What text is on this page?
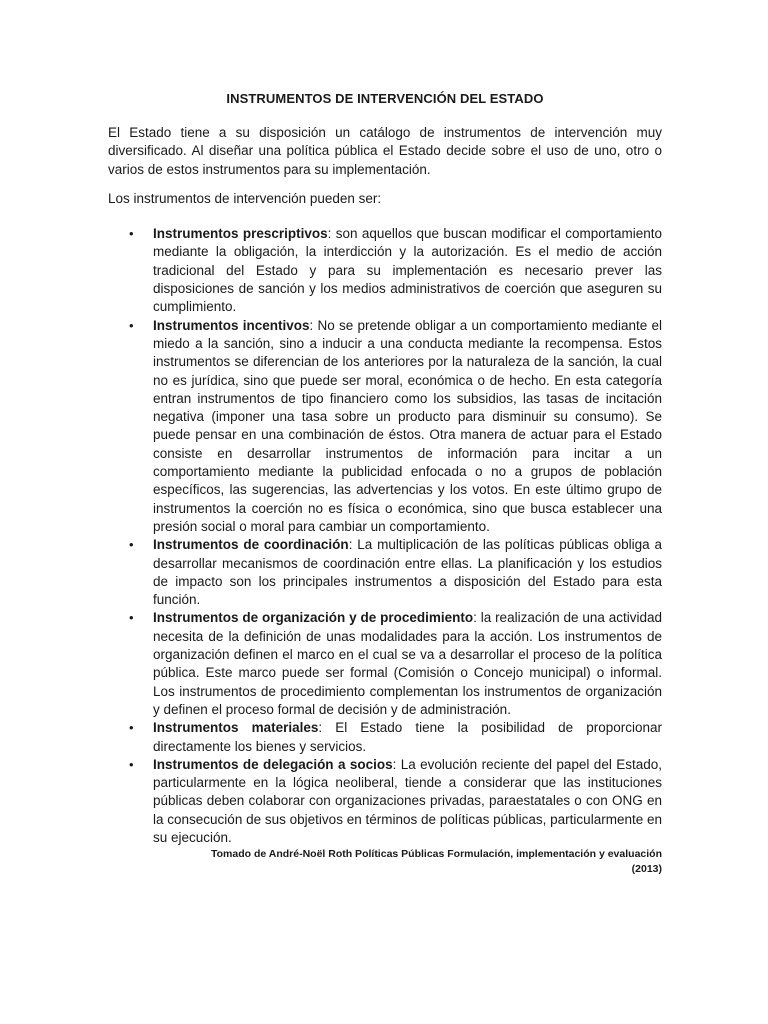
INSTRUMENTOS DE INTERVENCIÓN DEL ESTADO

El Estado tiene a su disposición un catálogo de instrumentos de intervención muy diversificado. Al diseñar una política pública el Estado decide sobre el uso de uno, otro o varios de estos instrumentos para su implementación.

Los instrumentos de intervención pueden ser:

• Instrumentos prescriptivos: son aquellos que buscan modificar el comportamiento mediante la obligación, la interdicción y la autorización. Es el medio de acción tradicional del Estado y para su implementación es necesario prever las disposiciones de sanción y los medios administrativos de coerción que aseguren su cumplimiento.
• Instrumentos incentivos: No se pretende obligar a un comportamiento mediante el miedo a la sanción, sino a inducir a una conducta mediante la recompensa. Estos instrumentos se diferencian de los anteriores por la naturaleza de la sanción, la cual no es jurídica, sino que puede ser moral, económica o de hecho. En esta categoría entran instrumentos de tipo financiero como los subsidios, las tasas de incitación negativa (imponer una tasa sobre un producto para disminuir su consumo). Se puede pensar en una combinación de éstos. Otra manera de actuar para el Estado consiste en desarrollar instrumentos de información para incitar a un comportamiento mediante la publicidad enfocada o no a grupos de población específicos, las sugerencias, las advertencias y los votos. En este último grupo de instrumentos la coerción no es física o económica, sino que busca establecer una presión social o moral para cambiar un comportamiento.
• Instrumentos de coordinación: La multiplicación de las políticas públicas obliga a desarrollar mecanismos de coordinación entre ellas. La planificación y los estudios de impacto son los principales instrumentos a disposición del Estado para esta función.
• Instrumentos de organización y de procedimiento: la realización de una actividad necesita de la definición de unas modalidades para la acción. Los instrumentos de organización definen el marco en el cual se va a desarrollar el proceso de la política pública. Este marco puede ser formal (Comisión o Concejo municipal) o informal. Los instrumentos de procedimiento complementan los instrumentos de organización y definen el proceso formal de decisión y de administración.
• Instrumentos materiales: El Estado tiene la posibilidad de proporcionar directamente los bienes y servicios.
• Instrumentos de delegación a socios: La evolución reciente del papel del Estado, particularmente en la lógica neoliberal, tiende a considerar que las instituciones públicas deben colaborar con organizaciones privadas, paraestatales o con ONG en la consecución de sus objetivos en términos de políticas públicas, particularmente en su ejecución.
Tomado de André-Noël Roth Políticas Públicas Formulación, implementación y evaluación
(2013)
